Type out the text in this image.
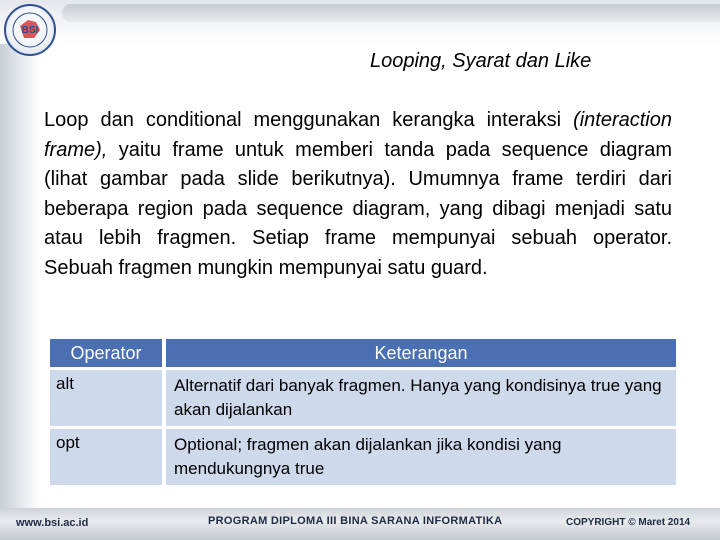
BSI
Looping, Syarat dan Like
Loop dan conditional menggunakan kerangka interaksi (interaction frame), yaitu frame untuk memberi tanda pada sequence diagram (lihat gambar pada slide berikutnya). Umumnya frame terdiri dari beberapa region pada sequence diagram, yang dibagi menjadi satu atau lebih fragmen. Setiap frame mempunyai sebuah operator. Sebuah fragmen mungkin mempunyai satu guard.
Operator	Keterangan
alt	Alternatif dari banyak fragmen. Hanya yang kondisinya true yang akan dijalankan
opt	Optional; fragmen akan dijalankan jika kondisi yang mendukungnya true
www.bsi.ac.id	PROGRAM DIPLOMA III BINA SARANA INFORMATIKA	COPYRIGHT © Maret 2014
